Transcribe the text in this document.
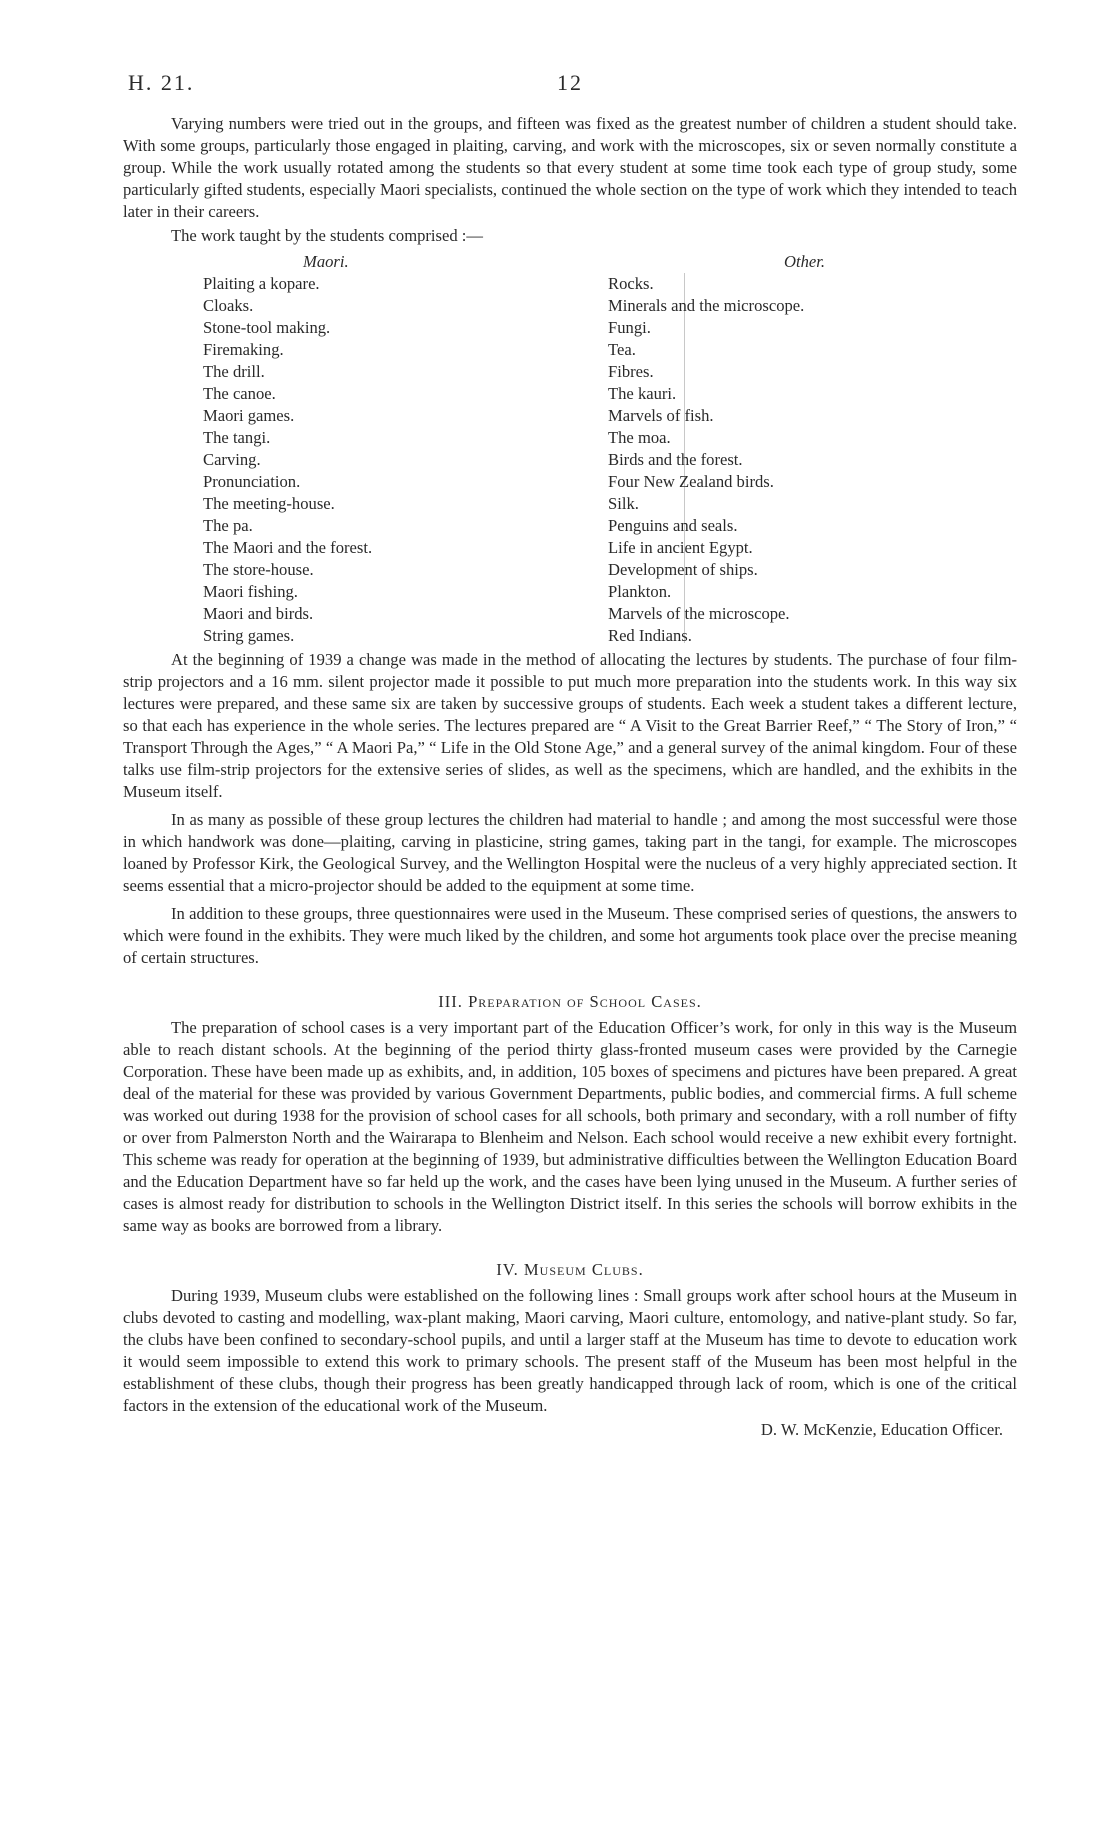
H. 21.	12

Varying numbers were tried out in the groups, and fifteen was fixed as the greatest number of children a student should take. With some groups, particularly those engaged in plaiting, carving, and work with the microscopes, six or seven normally constitute a group. While the work usually rotated among the students so that every student at some time took each type of group study, some particularly gifted students, especially Maori specialists, continued the whole section on the type of work which they intended to teach later in their careers.

The work taught by the students comprised :—

Maori.
Plaiting a kopare.
Cloaks.
Stone-tool making.
Firemaking.
The drill.
The canoe.
Maori games.
The tangi.
Carving.
Pronunciation.
The meeting-house.
The pa.
The Maori and the forest.
The store-house.
Maori fishing.
Maori and birds.
String games.
Other.
Rocks.
Minerals and the microscope.
Fungi.
Tea.
Fibres.
The kauri.
Marvels of fish.
The moa.
Birds and the forest.
Four New Zealand birds.
Silk.
Penguins and seals.
Life in ancient Egypt.
Development of ships.
Plankton.
Marvels of the microscope.
Red Indians.

At the beginning of 1939 a change was made in the method of allocating the lectures by students. The purchase of four film-strip projectors and a 16 mm. silent projector made it possible to put much more preparation into the students work. In this way six lectures were prepared, and these same six are taken by successive groups of students. Each week a student takes a different lecture, so that each has experience in the whole series. The lectures prepared are “ A Visit to the Great Barrier Reef,” “ The Story of Iron,” “ Transport Through the Ages,” “ A Maori Pa,” “ Life in the Old Stone Age,” and a general survey of the animal kingdom. Four of these talks use film-strip projectors for the extensive series of slides, as well as the specimens, which are handled, and the exhibits in the Museum itself.

In as many as possible of these group lectures the children had material to handle ; and among the most successful were those in which handwork was done—plaiting, carving in plasticine, string games, taking part in the tangi, for example. The microscopes loaned by Professor Kirk, the Geological Survey, and the Wellington Hospital were the nucleus of a very highly appreciated section. It seems essential that a micro-projector should be added to the equipment at some time.

In addition to these groups, three questionnaires were used in the Museum. These comprised series of questions, the answers to which were found in the exhibits. They were much liked by the children, and some hot arguments took place over the precise meaning of certain structures.

III. Preparation of School Cases.

The preparation of school cases is a very important part of the Education Officer’s work, for only in this way is the Museum able to reach distant schools. At the beginning of the period thirty glass-fronted museum cases were provided by the Carnegie Corporation. These have been made up as exhibits, and, in addition, 105 boxes of specimens and pictures have been prepared. A great deal of the material for these was provided by various Government Departments, public bodies, and commercial firms. A full scheme was worked out during 1938 for the provision of school cases for all schools, both primary and secondary, with a roll number of fifty or over from Palmerston North and the Wairarapa to Blenheim and Nelson. Each school would receive a new exhibit every fortnight. This scheme was ready for operation at the beginning of 1939, but administrative difficulties between the Wellington Education Board and the Education Department have so far held up the work, and the cases have been lying unused in the Museum. A further series of cases is almost ready for distribution to schools in the Wellington District itself. In this series the schools will borrow exhibits in the same way as books are borrowed from a library.

IV. Museum Clubs.

During 1939, Museum clubs were established on the following lines : Small groups work after school hours at the Museum in clubs devoted to casting and modelling, wax-plant making, Maori carving, Maori culture, entomology, and native-plant study. So far, the clubs have been confined to secondary-school pupils, and until a larger staff at the Museum has time to devote to education work it would seem impossible to extend this work to primary schools. The present staff of the Museum has been most helpful in the establishment of these clubs, though their progress has been greatly handicapped through lack of room, which is one of the critical factors in the extension of the educational work of the Museum.

D. W. McKenzie, Education Officer.
